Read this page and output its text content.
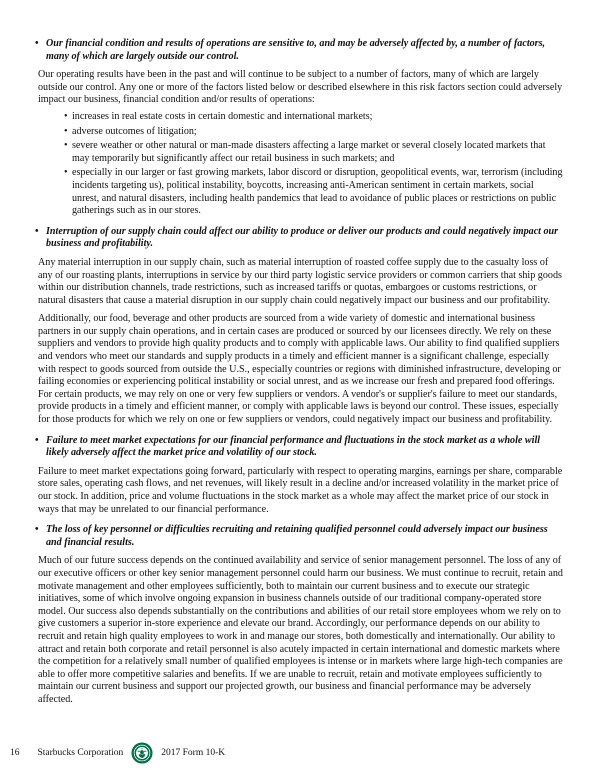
• Our financial condition and results of operations are sensitive to, and may be adversely affected by, a number of factors, many of which are largely outside our control.

Our operating results have been in the past and will continue to be subject to a number of factors, many of which are largely outside our control. Any one or more of the factors listed below or described elsewhere in this risk factors section could adversely impact our business, financial condition and/or results of operations:

• increases in real estate costs in certain domestic and international markets;
• adverse outcomes of litigation;
• severe weather or other natural or man-made disasters affecting a large market or several closely located markets that may temporarily but significantly affect our retail business in such markets; and
• especially in our larger or fast growing markets, labor discord or disruption, geopolitical events, war, terrorism (including incidents targeting us), political instability, boycotts, increasing anti-American sentiment in certain markets, social unrest, and natural disasters, including health pandemics that lead to avoidance of public places or restrictions on public gatherings such as in our stores.
• Interruption of our supply chain could affect our ability to produce or deliver our products and could negatively impact our business and profitability.

Any material interruption in our supply chain, such as material interruption of roasted coffee supply due to the casualty loss of any of our roasting plants, interruptions in service by our third party logistic service providers or common carriers that ship goods within our distribution channels, trade restrictions, such as increased tariffs or quotas, embargoes or customs restrictions, or natural disasters that cause a material disruption in our supply chain could negatively impact our business and our profitability.

Additionally, our food, beverage and other products are sourced from a wide variety of domestic and international business partners in our supply chain operations, and in certain cases are produced or sourced by our licensees directly. We rely on these suppliers and vendors to provide high quality products and to comply with applicable laws. Our ability to find qualified suppliers and vendors who meet our standards and supply products in a timely and efficient manner is a significant challenge, especially with respect to goods sourced from outside the U.S., especially countries or regions with diminished infrastructure, developing or failing economies or experiencing political instability or social unrest, and as we increase our fresh and prepared food offerings. For certain products, we may rely on one or very few suppliers or vendors. A vendor's or supplier's failure to meet our standards, provide products in a timely and efficient manner, or comply with applicable laws is beyond our control. These issues, especially for those products for which we rely on one or few suppliers or vendors, could negatively impact our business and profitability.

• Failure to meet market expectations for our financial performance and fluctuations in the stock market as a whole will likely adversely affect the market price and volatility of our stock.

Failure to meet market expectations going forward, particularly with respect to operating margins, earnings per share, comparable store sales, operating cash flows, and net revenues, will likely result in a decline and/or increased volatility in the market price of our stock. In addition, price and volume fluctuations in the stock market as a whole may affect the market price of our stock in ways that may be unrelated to our financial performance.

• The loss of key personnel or difficulties recruiting and retaining qualified personnel could adversely impact our business and financial results.

Much of our future success depends on the continued availability and service of senior management personnel. The loss of any of our executive officers or other key senior management personnel could harm our business. We must continue to recruit, retain and motivate management and other employees sufficiently, both to maintain our current business and to execute our strategic initiatives, some of which involve ongoing expansion in business channels outside of our traditional company-operated store model. Our success also depends substantially on the contributions and abilities of our retail store employees whom we rely on to give customers a superior in-store experience and elevate our brand. Accordingly, our performance depends on our ability to recruit and retain high quality employees to work in and manage our stores, both domestically and internationally. Our ability to attract and retain both corporate and retail personnel is also acutely impacted in certain international and domestic markets where the competition for a relatively small number of qualified employees is intense or in markets where large high-tech companies are able to offer more competitive salaries and benefits. If we are unable to recruit, retain and motivate employees sufficiently to maintain our current business and support our projected growth, our business and financial performance may be adversely affected.

16 Starbucks Corporation	2017 Form 10-K
